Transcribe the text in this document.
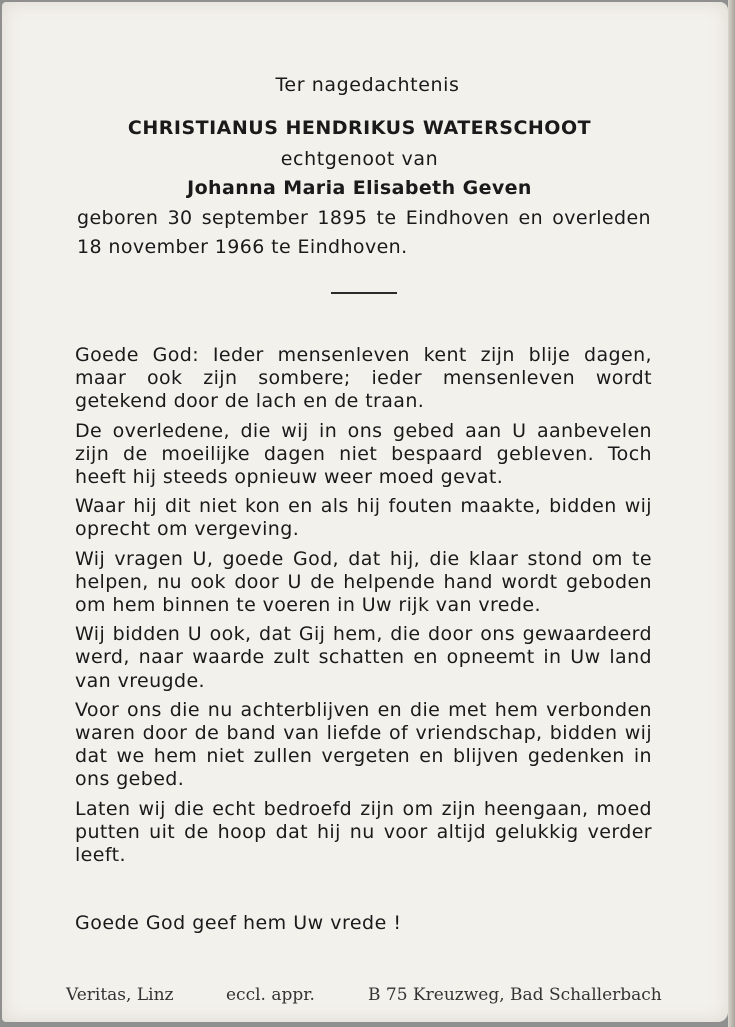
Ter nagedachtenis
CHRISTIANUS HENDRIKUS WATERSCHOOT
echtgenoot van
Johanna Maria Elisabeth Geven
geboren 30 september 1895 te Eindhoven en overleden 18 november 1966 te Eindhoven.

Goede God: Ieder mensenleven kent zijn blije dagen, maar ook zijn sombere; ieder mensenleven wordt getekend door de lach en de traan.

De overledene, die wij in ons gebed aan U aanbevelen zijn de moeilijke dagen niet bespaard gebleven. Toch heeft hij steeds opnieuw weer moed gevat.

Waar hij dit niet kon en als hij fouten maakte, bidden wij oprecht om vergeving.

Wij vragen U, goede God, dat hij, die klaar stond om te helpen, nu ook door U de helpende hand wordt geboden om hem binnen te voeren in Uw rijk van vrede.

Wij bidden U ook, dat Gij hem, die door ons gewaardeerd werd, naar waarde zult schatten en opneemt in Uw land van vreugde.

Voor ons die nu achterblijven en die met hem verbonden waren door de band van liefde of vriendschap, bidden wij dat we hem niet zullen vergeten en blijven gedenken in ons gebed.

Laten wij die echt bedroefd zijn om zijn heengaan, moed putten uit de hoop dat hij nu voor altijd gelukkig verder leeft.

Goede God geef hem Uw vrede !
Veritas, Linz	eccl. appr.	B 75 Kreuzweg, Bad Schallerbach
